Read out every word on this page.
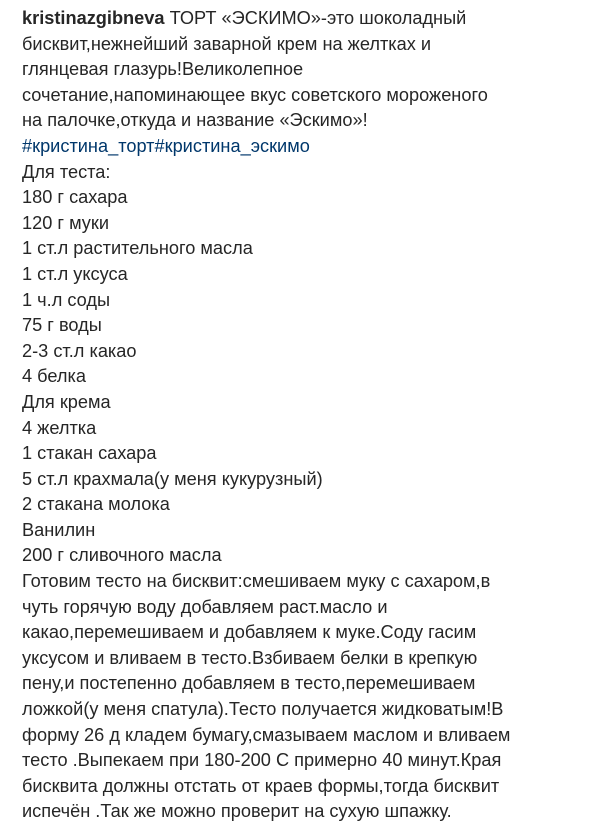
kristinazgibneva ТОРТ «ЭСКИМО»-это шоколадный
бисквит,нежнейший заварной крем на желтках и
глянцевая глазурь!Великолепное
сочетание,напоминающее вкус советского мороженого
на палочке,откуда и название «Эскимо»!
#кристина_торт#кристина_эскимо
Для теста:
180 г сахара
120 г муки
1 ст.л растительного масла
1 ст.л уксуса
1 ч.л соды
75 г воды
2-3 ст.л какао
4 белка
Для крема
4 желтка
1 стакан сахара
5 ст.л крахмала(у меня кукурузный)
2 стакана молока
Ванилин
200 г сливочного масла
Готовим тесто на бисквит:смешиваем муку с сахаром,в
чуть горячую воду добавляем раст.масло и
какао,перемешиваем и добавляем к муке.Соду гасим
уксусом и вливаем в тесто.Взбиваем белки в крепкую
пену,и постепенно добавляем в тесто,перемешиваем
ложкой(у меня спатула).Тесто получается жидковатым!В
форму 26 д кладем бумагу,смазываем маслом и вливаем
тесто .Выпекаем при 180-200 С примерно 40 минут.Края
бисквита должны отстать от краев формы,тогда бисквит
испечён .Так же можно проверит на сухую шпажку.
